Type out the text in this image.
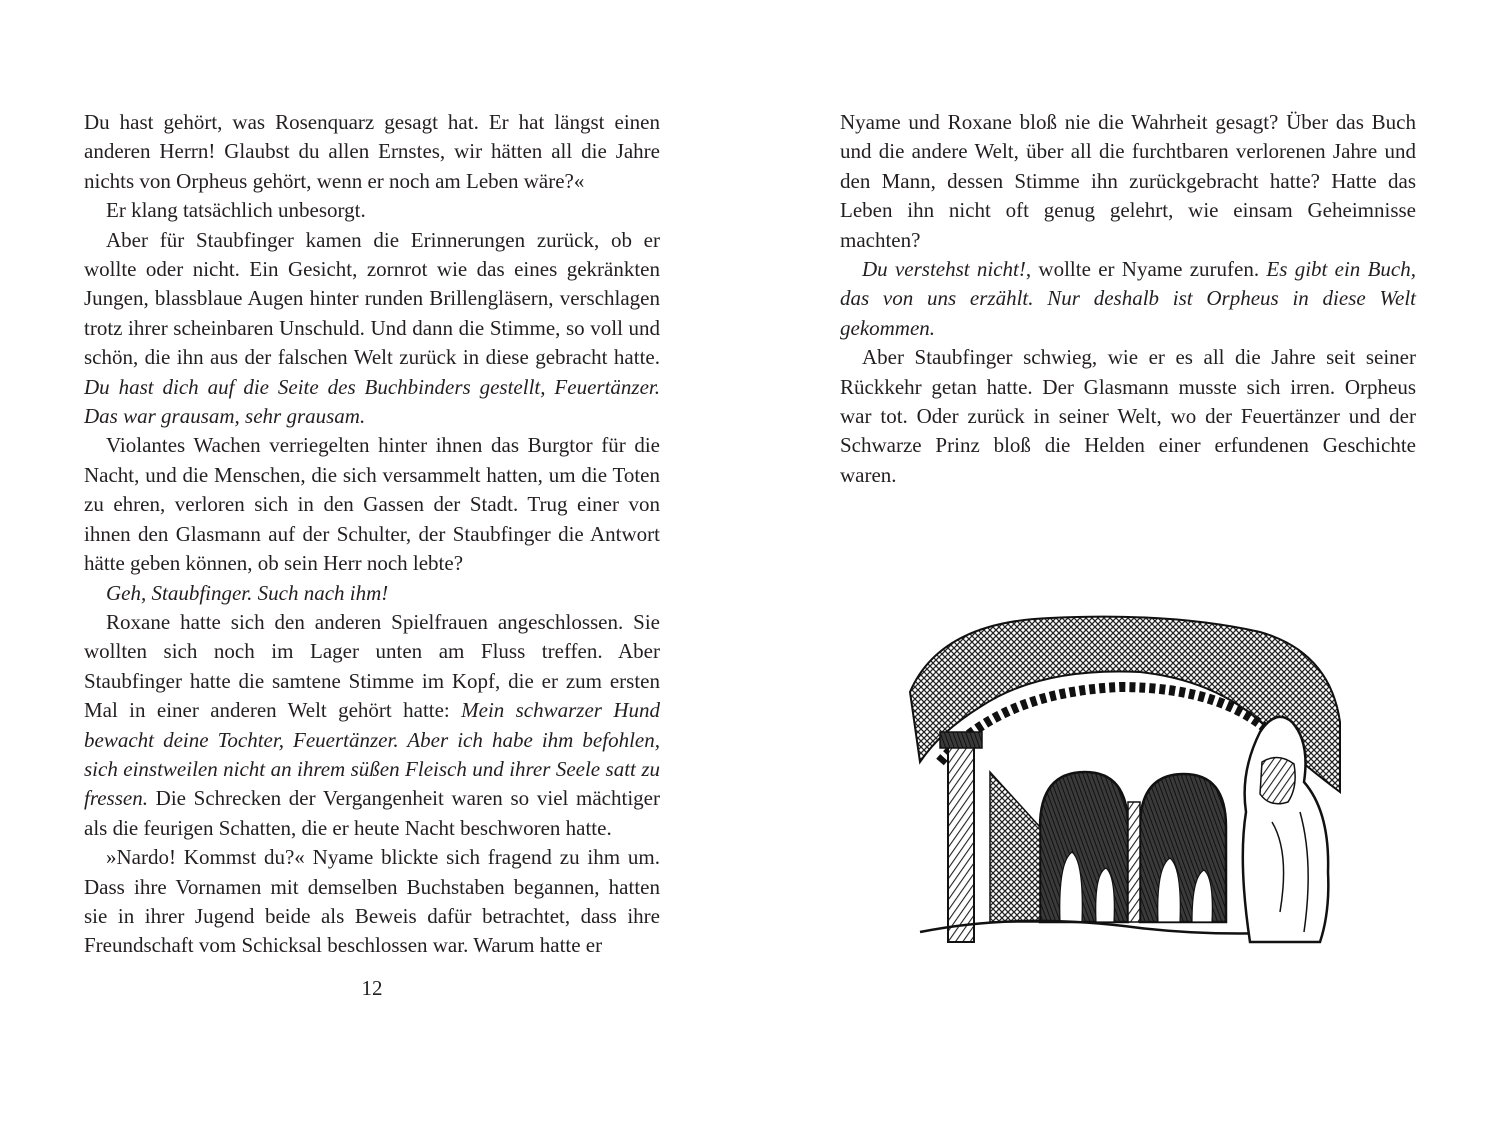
Du hast gehört, was Rosenquarz gesagt hat. Er hat längst einen anderen Herrn! Glaubst du allen Ernstes, wir hätten all die Jahre nichts von Orpheus gehört, wenn er noch am Leben wäre?«

Er klang tatsächlich unbesorgt.

Aber für Staubfinger kamen die Erinnerungen zurück, ob er wollte oder nicht. Ein Gesicht, zornrot wie das eines gekränkten Jungen, blassblaue Augen hinter runden Brillengläsern, verschlagen trotz ihrer scheinbaren Unschuld. Und dann die Stimme, so voll und schön, die ihn aus der falschen Welt zurück in diese gebracht hatte. Du hast dich auf die Seite des Buchbinders gestellt, Feuertänzer. Das war grausam, sehr grausam.

Violantes Wachen verriegelten hinter ihnen das Burgtor für die Nacht, und die Menschen, die sich versammelt hatten, um die Toten zu ehren, verloren sich in den Gassen der Stadt. Trug einer von ihnen den Glasmann auf der Schulter, der Staubfinger die Antwort hätte geben können, ob sein Herr noch lebte?

Geh, Staubfinger. Such nach ihm!

Roxane hatte sich den anderen Spielfrauen angeschlossen. Sie wollten sich noch im Lager unten am Fluss treffen. Aber Staubfinger hatte die samtene Stimme im Kopf, die er zum ersten Mal in einer anderen Welt gehört hatte: Mein schwarzer Hund bewacht deine Tochter, Feuertänzer. Aber ich habe ihm befohlen, sich einstweilen nicht an ihrem süßen Fleisch und ihrer Seele satt zu fressen. Die Schrecken der Vergangenheit waren so viel mächtiger als die feurigen Schatten, die er heute Nacht beschworen hatte.

»Nardo! Kommst du?« Nyame blickte sich fragend zu ihm um. Dass ihre Vornamen mit demselben Buchstaben begannen, hatten sie in ihrer Jugend beide als Beweis dafür betrachtet, dass ihre Freundschaft vom Schicksal beschlossen war. Warum hatte er

12

Nyame und Roxane bloß nie die Wahrheit gesagt? Über das Buch und die andere Welt, über all die furchtbaren verlorenen Jahre und den Mann, dessen Stimme ihn zurückgebracht hatte? Hatte das Leben ihn nicht oft genug gelehrt, wie einsam Geheimnisse machten?

Du verstehst nicht!, wollte er Nyame zurufen. Es gibt ein Buch, das von uns erzählt. Nur deshalb ist Orpheus in diese Welt gekommen.

Aber Staubfinger schwieg, wie er es all die Jahre seit seiner Rückkehr getan hatte. Der Glasmann musste sich irren. Orpheus war tot. Oder zurück in seiner Welt, wo der Feuertänzer und der Schwarze Prinz bloß die Helden einer erfundenen Geschichte waren.
